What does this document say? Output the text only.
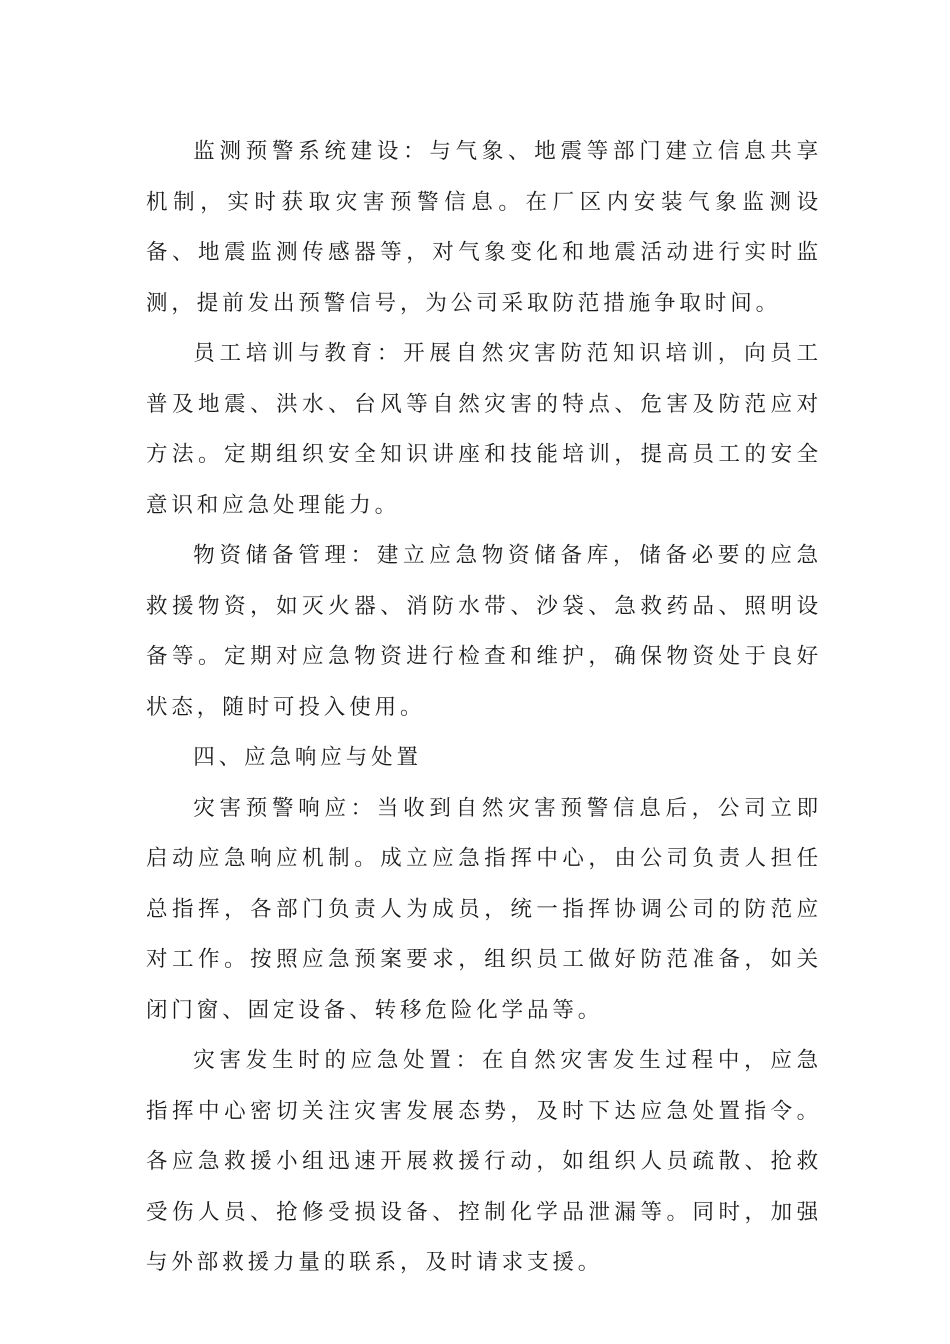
监测预警系统建设：与气象、地震等部门建立信息共享机制，实时获取灾害预警信息。在厂区内安装气象监测设备、地震监测传感器等，对气象变化和地震活动进行实时监测，提前发出预警信号，为公司采取防范措施争取时间。

员工培训与教育：开展自然灾害防范知识培训，向员工普及地震、洪水、台风等自然灾害的特点、危害及防范应对方法。定期组织安全知识讲座和技能培训，提高员工的安全意识和应急处理能力。

物资储备管理：建立应急物资储备库，储备必要的应急救援物资，如灭火器、消防水带、沙袋、急救药品、照明设备等。定期对应急物资进行检查和维护，确保物资处于良好状态，随时可投入使用。

四、应急响应与处置

灾害预警响应：当收到自然灾害预警信息后，公司立即启动应急响应机制。成立应急指挥中心，由公司负责人担任总指挥，各部门负责人为成员，统一指挥协调公司的防范应对工作。按照应急预案要求，组织员工做好防范准备，如关闭门窗、固定设备、转移危险化学品等。

灾害发生时的应急处置：在自然灾害发生过程中，应急指挥中心密切关注灾害发展态势，及时下达应急处置指令。各应急救援小组迅速开展救援行动，如组织人员疏散、抢救受伤人员、抢修受损设备、控制化学品泄漏等。同时，加强与外部救援力量的联系，及时请求支援。
